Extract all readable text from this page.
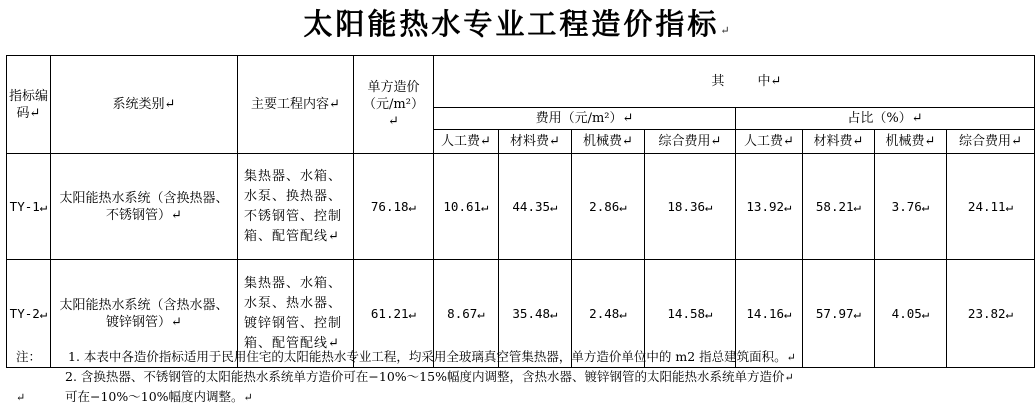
太阳能热水专业工程造价指标↵
指标编码↵	系统类别↵	主要工程内容↵	单方造价（元/m²）↵	其        中↵							

				费用（元/m²）↵				占比（%）↵			
				人工费↵	材料费↵	机械费↵	综合费用↵	人工费↵	材料费↵	机械费↵	综合费用↵
TY-1↵	太阳能热水系统（含换热器、不锈钢管）↵	集热器、水箱、水泵、换热器、不锈钢管、控制箱、配管配线↵	76.18↵	10.61↵	44.35↵	2.86↵	18.36↵	13.92↵	58.21↵	3.76↵	24.11↵
TY-2↵	太阳能热水系统（含热水器、镀锌钢管）↵	集热器、水箱、水泵、热水器、镀锌钢管、控制箱、配管配线↵	61.21↵	8.67↵	35.48↵	2.48↵	14.58↵	14.16↵	57.97↵	4.05↵	23.82↵
注： 1. 本表中各造价指标适用于民用住宅的太阳能热水专业工程，均采用全玻璃真空管集热器，单方造价单位中的 m2 指总建筑面积。↵
2. 含换热器、不锈钢管的太阳能热水系统单方造价可在−10%～15%幅度内调整，含热水器、镀锌钢管的太阳能热水系统单方造价↵
↵	可在−10%～10%幅度内调整。↵
